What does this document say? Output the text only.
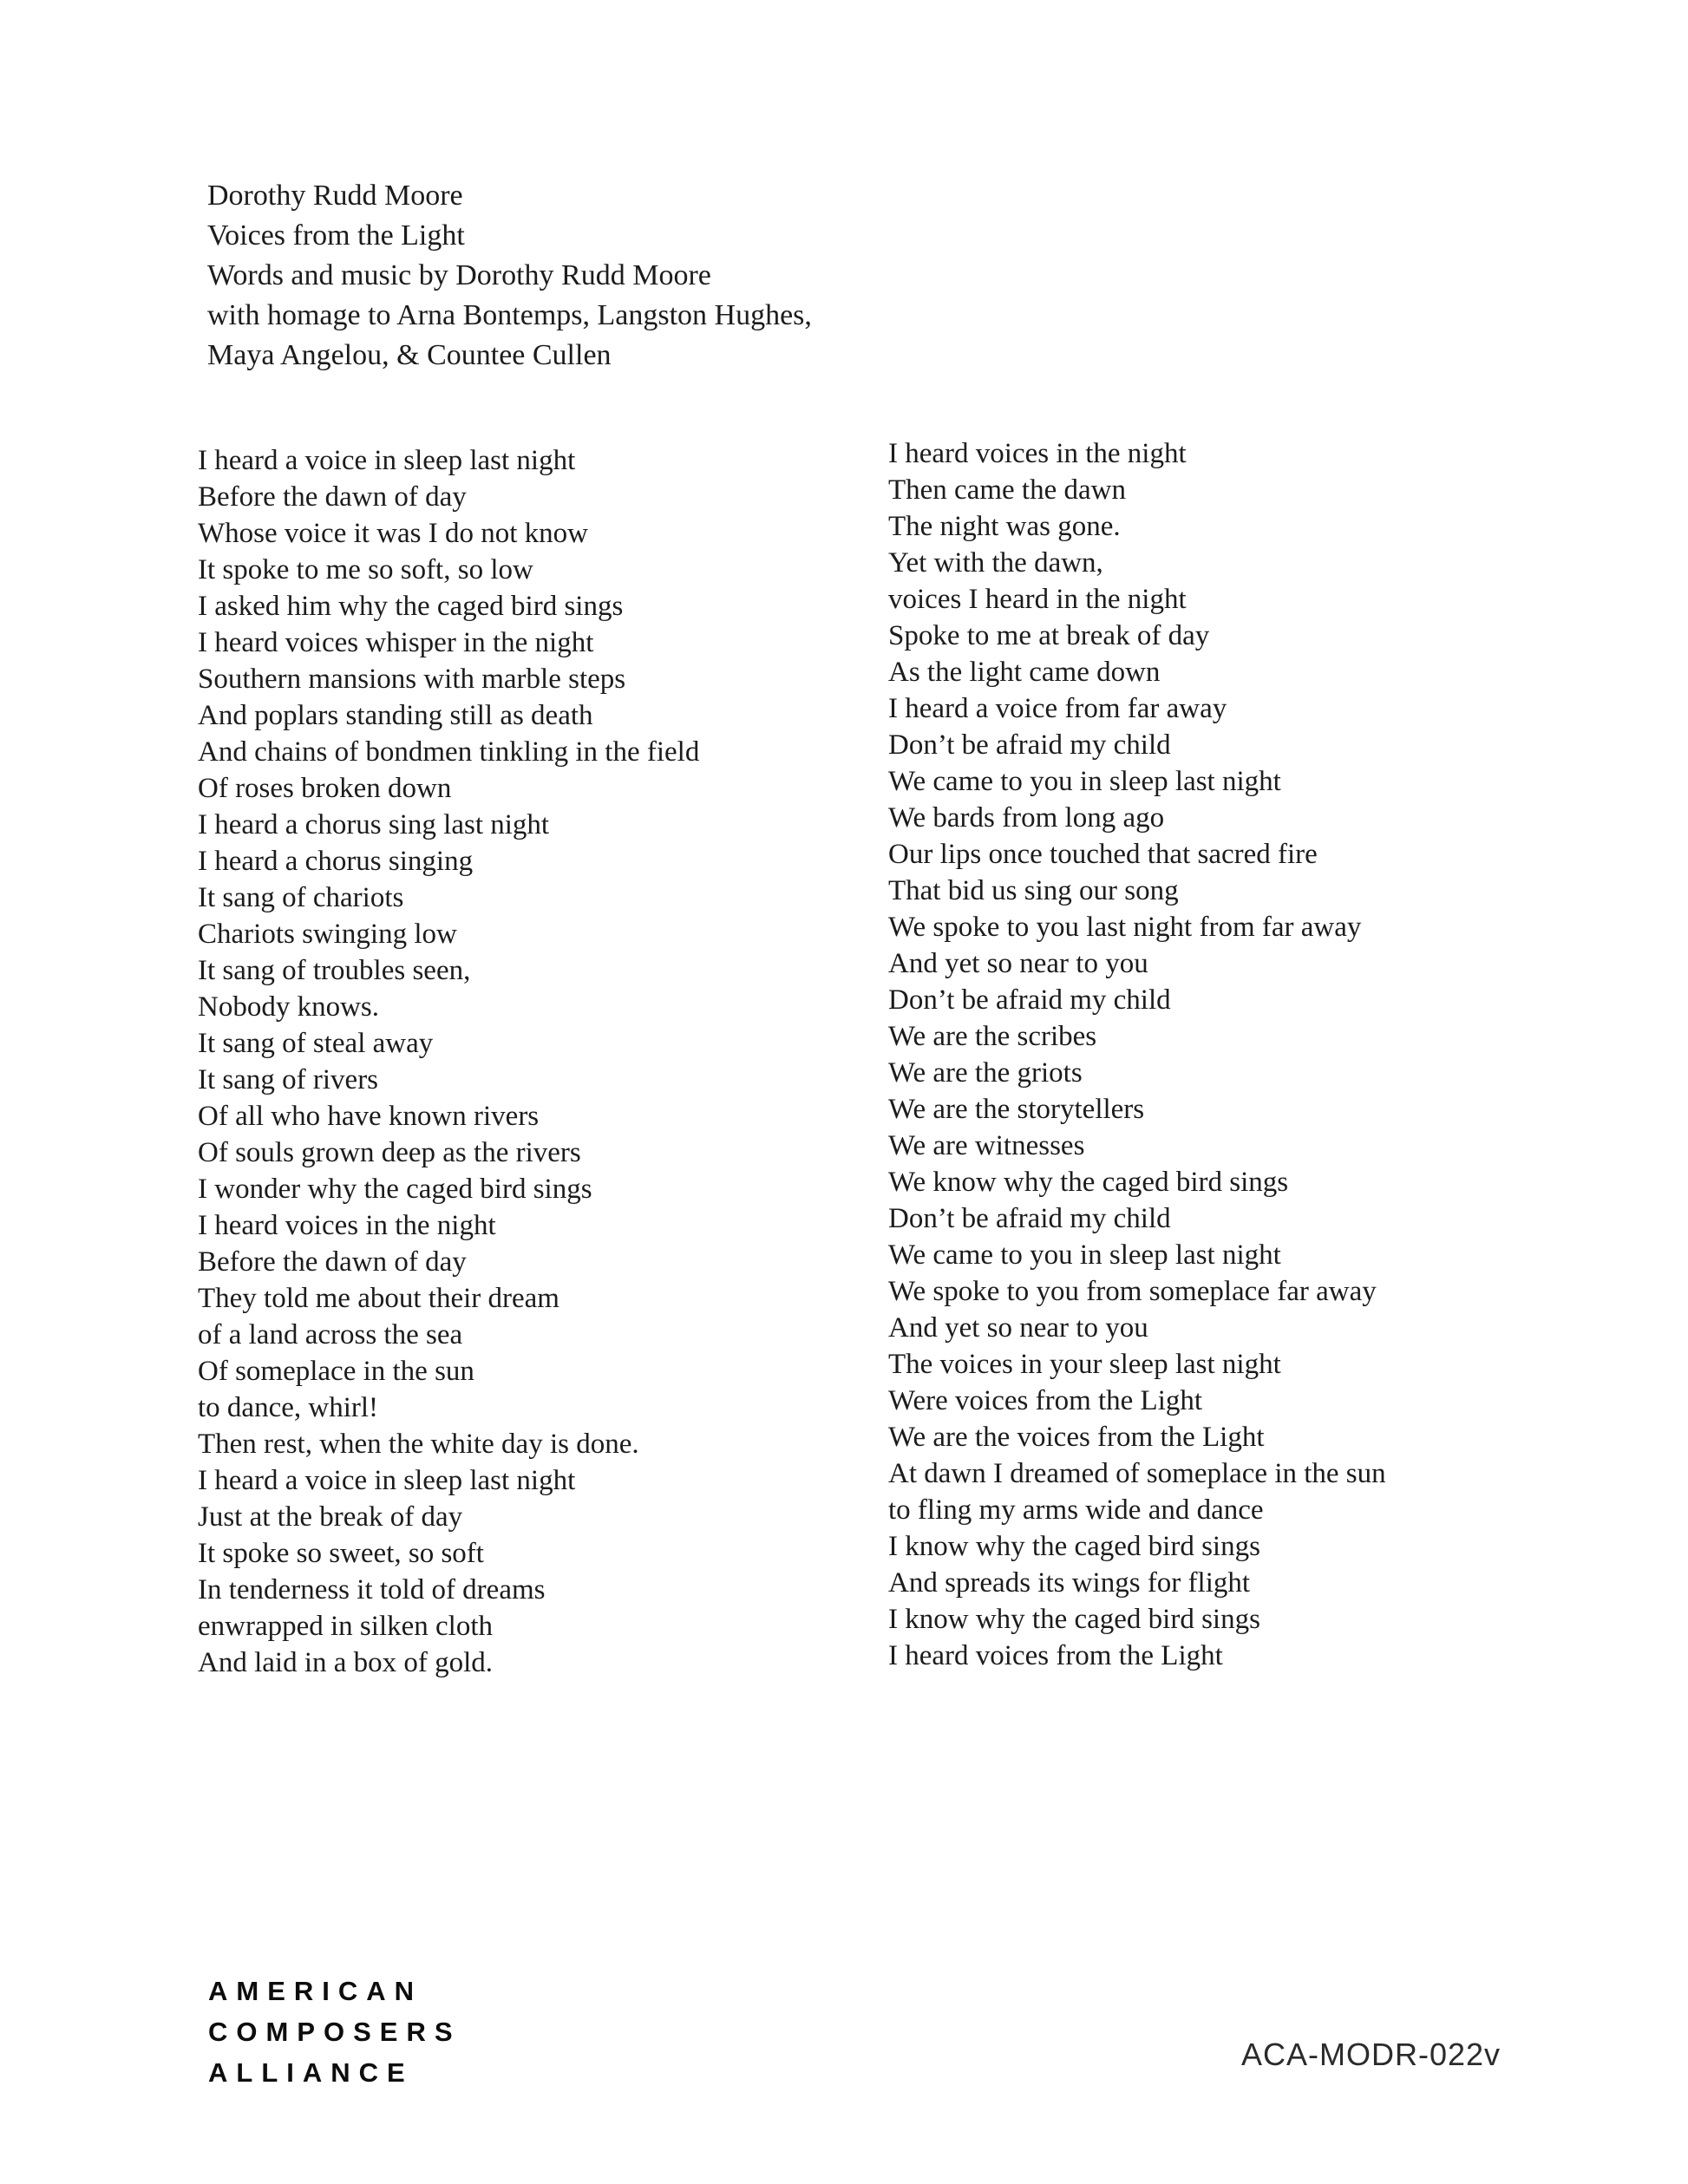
Dorothy Rudd Moore
Voices from the Light
Words and music by Dorothy Rudd Moore
with homage to Arna Bontemps, Langston Hughes,
Maya Angelou, & Countee Cullen
I heard a voice in sleep last night
Before the dawn of day
Whose voice it was I do not know
It spoke to me so soft, so low
I asked him why the caged bird sings
I heard voices whisper in the night
Southern mansions with marble steps
And poplars standing still as death
And chains of bondmen tinkling in the field
Of roses broken down
I heard a chorus sing last night
I heard a chorus singing
It sang of chariots
Chariots swinging low
It sang of troubles seen,
Nobody knows.
It sang of steal away
It sang of rivers
Of all who have known rivers
Of souls grown deep as the rivers
I wonder why the caged bird sings
I heard voices in the night
Before the dawn of day
They told me about their dream
of a land across the sea
Of someplace in the sun
to dance, whirl!
Then rest, when the white day is done.
I heard a voice in sleep last night
Just at the break of day
It spoke so sweet, so soft
In tenderness it told of dreams
enwrapped in silken cloth
And laid in a box of gold.
I heard voices in the night
Then came the dawn
The night was gone.
Yet with the dawn,
voices I heard in the night
Spoke to me at break of day
As the light came down
I heard a voice from far away
Don’t be afraid my child
We came to you in sleep last night
We bards from long ago
Our lips once touched that sacred fire
That bid us sing our song
We spoke to you last night from far away
And yet so near to you
Don’t be afraid my child
We are the scribes
We are the griots
We are the storytellers
We are witnesses
We know why the caged bird sings
Don’t be afraid my child
We came to you in sleep last night
We spoke to you from someplace far away
And yet so near to you
The voices in your sleep last night
Were voices from the Light
We are the voices from the Light
At dawn I dreamed of someplace in the sun
to fling my arms wide and dance
I know why the caged bird sings
And spreads its wings for flight
I know why the caged bird sings
I heard voices from the Light
AMERICAN
COMPOSERS
ALLIANCE
ACA-MODR-022v
